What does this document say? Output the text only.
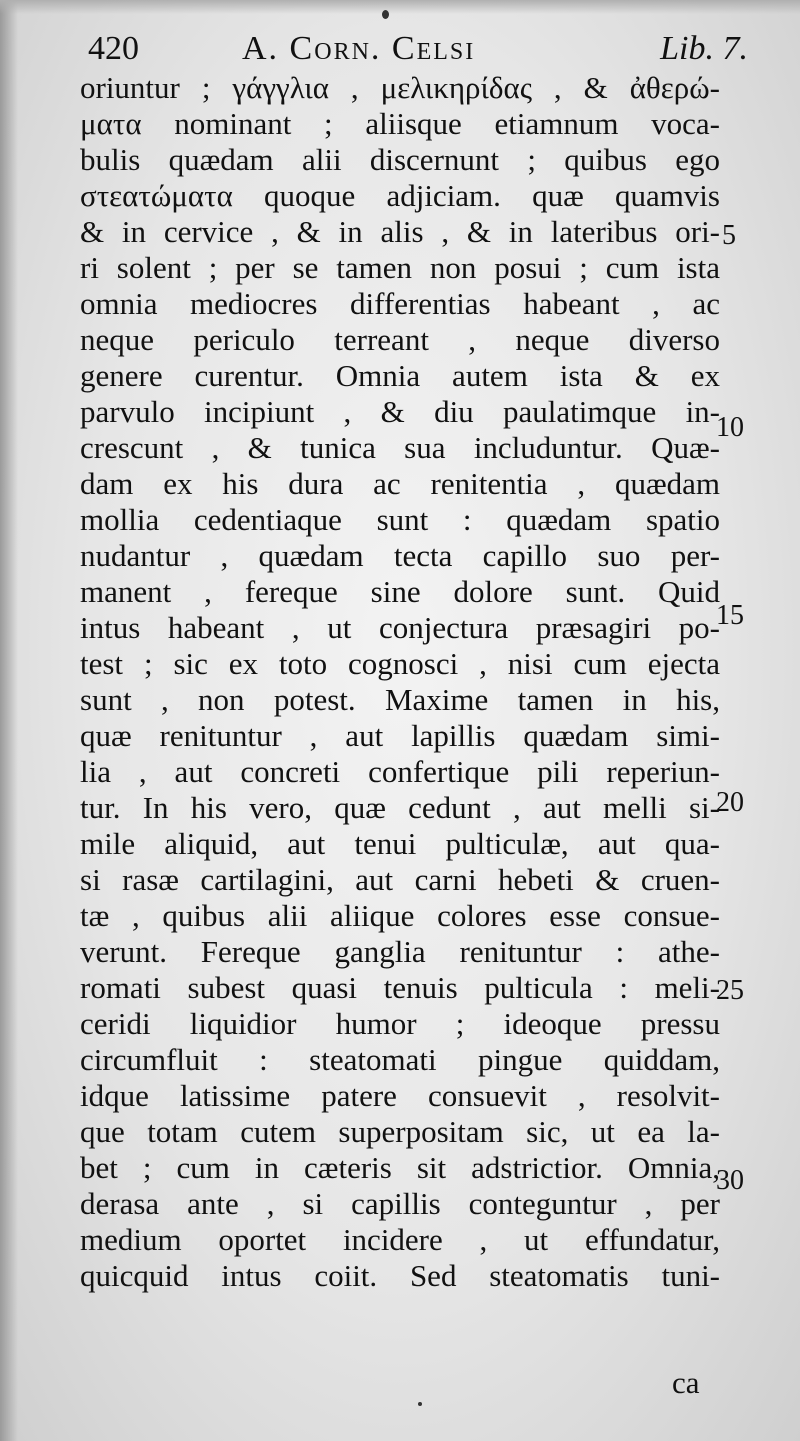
420	A. Corn. Celsi	Lib. 7.
oriuntur ; γάγγλια , μελικηρίδας , & ἀθερώ-
ματα nominant ; aliisque etiamnum voca-
bulis quædam alii discernunt ; quibus ego
στεατώματα quoque adjiciam. quæ quamvis
& in cervice , & in alis , & in lateribus ori-
ri solent ; per se tamen non posui ; cum ista
omnia mediocres differentias habeant , ac
neque periculo terreant , neque diverso
genere curentur. Omnia autem ista & ex
parvulo incipiunt , & diu paulatimque in-
crescunt , & tunica sua includuntur. Quæ-
dam ex his dura ac renitentia , quædam
mollia cedentiaque sunt : quædam spatio
nudantur , quædam tecta capillo suo per-
manent , fereque sine dolore sunt. Quid
intus habeant , ut conjectura præsagiri po-
test ; sic ex toto cognosci , nisi cum ejecta
sunt , non potest. Maxime tamen in his,
quæ renituntur , aut lapillis quædam simi-
lia , aut concreti confertique pili reperiun-
tur. In his vero, quæ cedunt , aut melli si-
mile aliquid, aut tenui pulticulæ, aut qua-
si rasæ cartilagini, aut carni hebeti & cruen-
tæ , quibus alii aliique colores esse consue-
verunt. Fereque ganglia renituntur : athe-
romati subest quasi tenuis pulticula : meli-
ceridi liquidior humor ; ideoque pressu
circumfluit : steatomati pingue quiddam,
idque latissime patere consuevit , resolvit-
que totam cutem superpositam sic, ut ea la-
bet ; cum in cæteris sit adstrictior. Omnia,
derasa ante , si capillis conteguntur , per
medium oportet incidere , ut effundatur,
quicquid intus coiit. Sed steatomatis tuni-
5
10
15
20
25
30
ca
